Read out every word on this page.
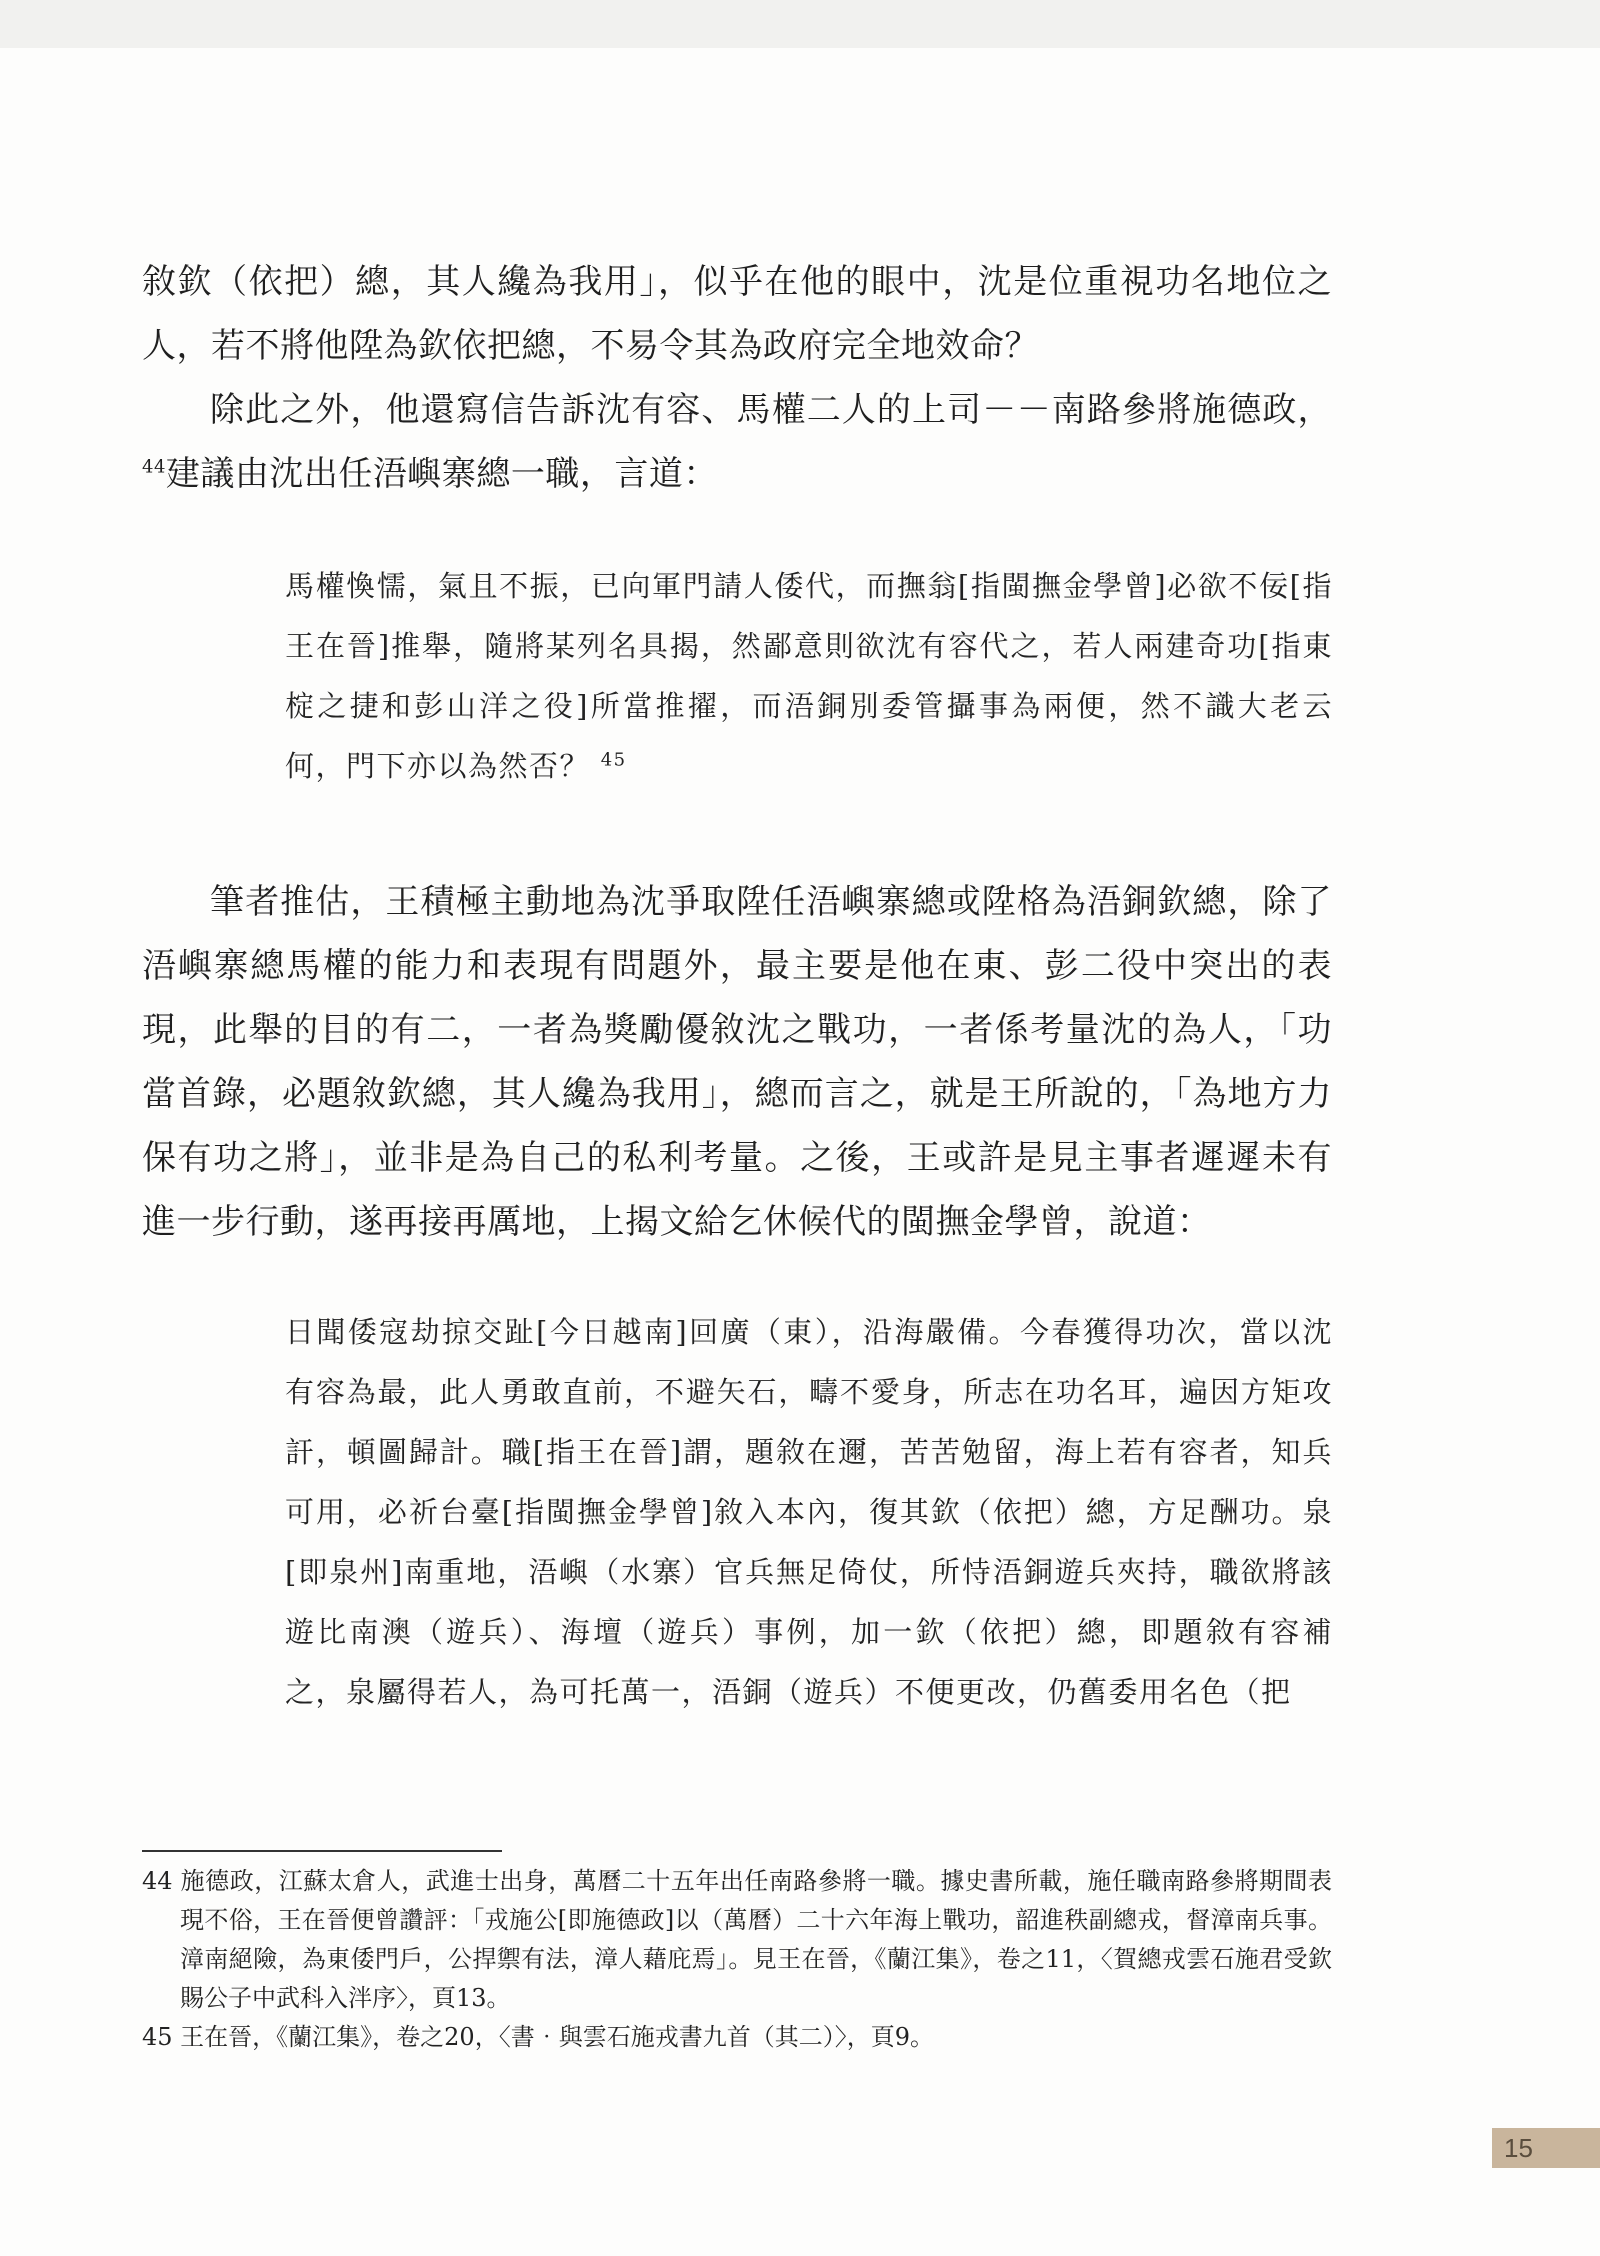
敘欽（依把）總，其人纔為我用」，似乎在他的眼中，沈是位重視功名地位之人，若不將他陞為欽依把總，不易令其為政府完全地效命？

除此之外，他還寫信告訴沈有容、馬權二人的上司－－南路參將施德政，$^{44}$建議由沈出任浯嶼寨總一職，言道：

馬權愌懦，氣且不振，已向軍門請人倭代，而撫翁[指閩撫金學曾]必欲不佞[指王在晉]推舉，隨將某列名具揭，然鄙意則欲沈有容代之，若人兩建奇功[指東椗之捷和彭山洋之役]所當推擢，而浯銅別委管攝事為兩便，然不識大老云何，門下亦以為然否？ $^{45}$

筆者推估，王積極主動地為沈爭取陞任浯嶼寨總或陞格為浯銅欽總，除了浯嶼寨總馬權的能力和表現有問題外，最主要是他在東、彭二役中突出的表現，此舉的目的有二，一者為獎勵優敘沈之戰功，一者係考量沈的為人，「功當首錄，必題敘欽總，其人纔為我用」，總而言之，就是王所說的，「為地方力保有功之將」，並非是為自己的私利考量。之後，王或許是見主事者遲遲未有進一步行動，遂再接再厲地，上揭文給乞休候代的閩撫金學曾，說道：

日聞倭寇劫掠交趾[今日越南]回廣（東），沿海嚴備。今春獲得功次，當以沈有容為最，此人勇敢直前，不避矢石，疇不愛身，所志在功名耳，遍因方矩攻訐，頓圖歸計。職[指王在晉]謂，題敘在邇，苦苦勉留，海上若有容者，知兵可用，必祈台臺[指閩撫金學曾]敘入本內，復其欽（依把）總，方足酬功。泉[即泉州]南重地，浯嶼（水寨）官兵無足倚仗，所恃浯銅遊兵夾持，職欲將該遊比南澳（遊兵）、海壇（遊兵）事例，加一欽（依把）總，即題敘有容補之，泉屬得若人，為可托萬一，浯銅（遊兵）不便更改，仍舊委用名色（把

44 施德政，江蘇太倉人，武進士出身，萬曆二十五年出任南路參將一職。據史書所載，施任職南路參將期間表現不俗，王在晉便曾讚評：「戎施公[即施德政]以（萬曆）二十六年海上戰功，韶進秩副總戎，督漳南兵事。漳南絕險，為東倭門戶，公捍禦有法，漳人藉庇焉」。見王在晉，《蘭江集》，卷之11，〈賀總戎雲石施君受欽賜公子中武科入泮序〉，頁13。

45 王在晉，《蘭江集》，卷之20，〈書‧與雲石施戎書九首（其二）〉，頁9。

15
